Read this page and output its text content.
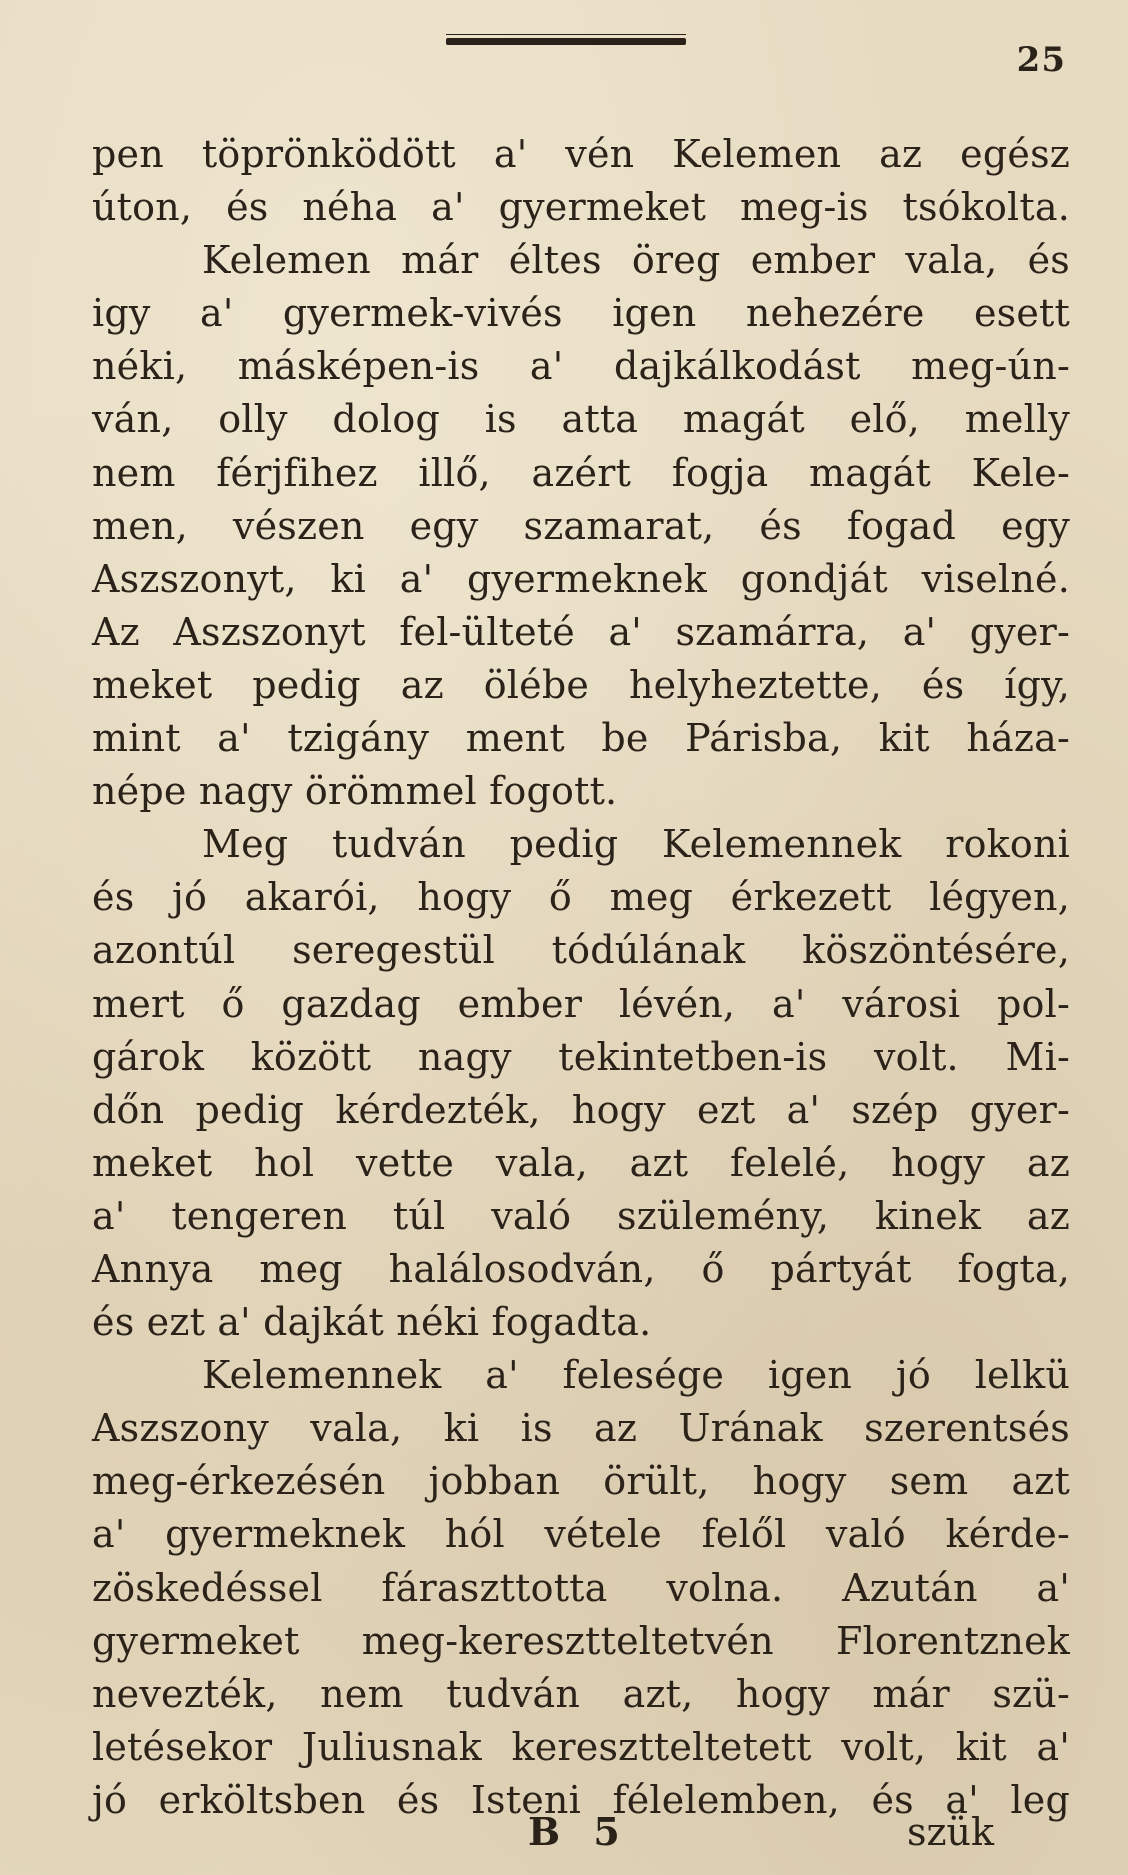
25
pen töprönködött a' vén Kelemen az egész
úton, és néha a' gyermeket meg-is tsókolta.
Kelemen már éltes öreg ember vala, és
igy a' gyermek-vivés igen nehezére esett
néki, másképen-is a' dajkálkodást meg-ún-
ván, olly dolog is atta magát elő, melly
nem férjfihez illő, azért fogja magát Kele-
men, vészen egy szamarat, és fogad egy
Aszszonyt, ki a' gyermeknek gondját viselné.
Az Aszszonyt fel-ülteté a' szamárra, a' gyer-
meket pedig az ölébe helyheztette, és így,
mint a' tzigány ment be Párisba, kit háza-
népe nagy örömmel fogott.
Meg tudván pedig Kelemennek rokoni
és jó akarói, hogy ő meg érkezett légyen,
azontúl seregestül tódúlának köszöntésére,
mert ő gazdag ember lévén, a' városi pol-
gárok között nagy tekintetben-is volt. Mi-
dőn pedig kérdezték, hogy ezt a' szép gyer-
meket hol vette vala, azt felelé, hogy az
a' tengeren túl való szülemény, kinek az
Annya meg halálosodván, ő pártyát fogta,
és ezt a' dajkát néki fogadta.
Kelemennek a' felesége igen jó lelkü
Aszszony vala, ki is az Urának szerentsés
meg-érkezésén jobban örült, hogy sem azt
a' gyermeknek hól vétele felől való kérde-
zöskedéssel fáraszttotta volna. Azután a'
gyermeket meg-keresztteltetvén Florentznek
nevezték, nem tudván azt, hogy már szü-
letésekor Juliusnak keresztteltetett volt, kit a'
jó erköltsben és Isteni félelemben, és a' leg
B 5	szük
